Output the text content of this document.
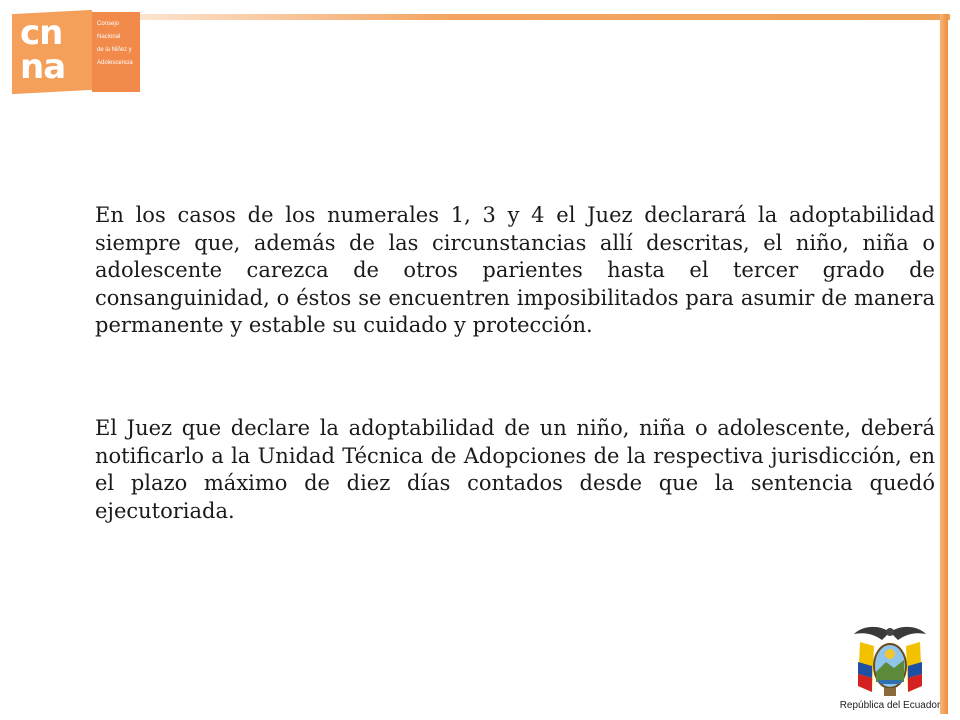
cn
na
Consejo
Nacional
de la Niñez y
Adolescencia

En los casos de los numerales 1, 3 y 4 el Juez declarará la adoptabilidad siempre que, además de las circunstancias allí descritas, el niño, niña o adolescente carezca de otros parientes hasta el tercer grado de consanguinidad, o éstos se encuentren imposibilitados para asumir de manera permanente y estable su cuidado y protección.

El Juez que declare la adoptabilidad de un niño, niña o adolescente, deberá notificarlo a la Unidad Técnica de Adopciones de la respectiva jurisdicción, en el plazo máximo de diez días contados desde que la sentencia quedó ejecutoriada.

República del Ecuador
